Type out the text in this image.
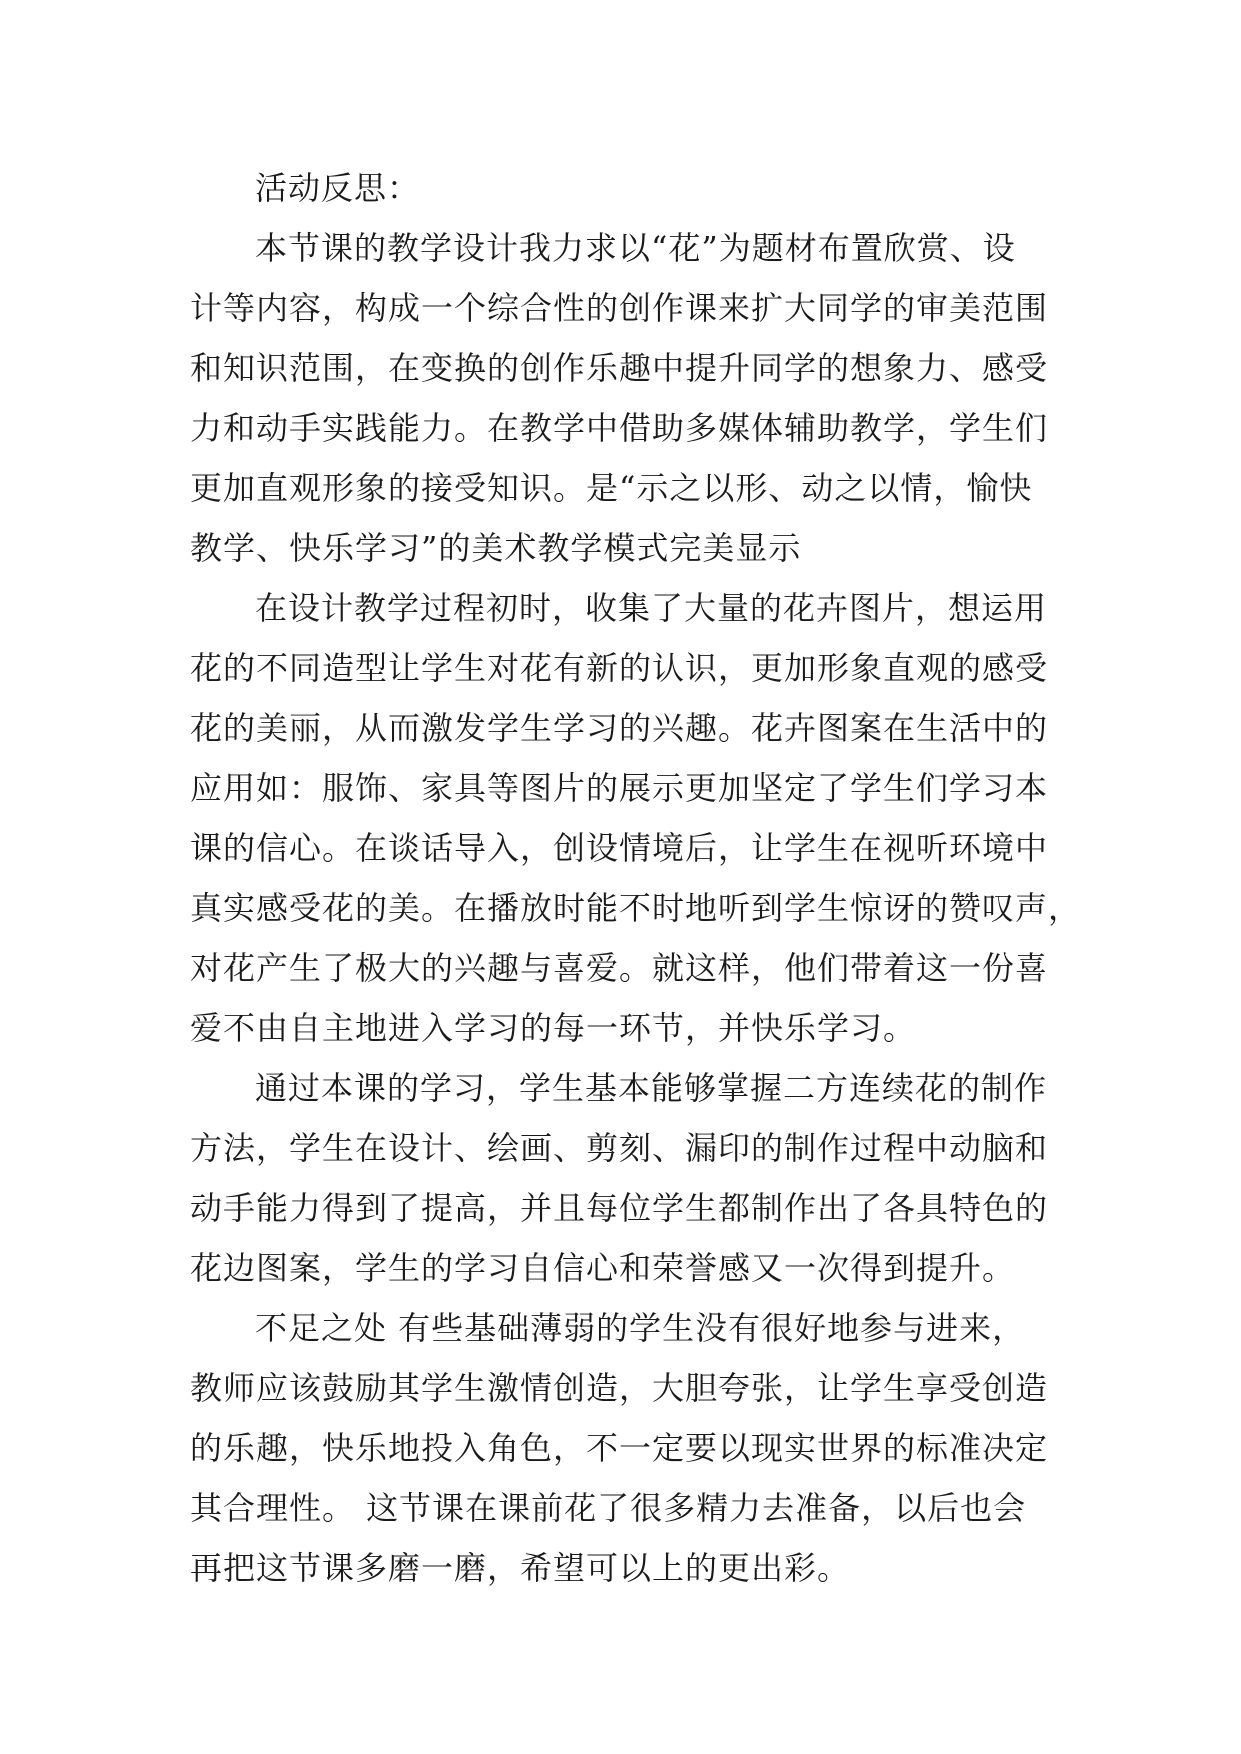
活动反思：
本节课的教学设计我力求以“花”为题材布置欣赏、设
计等内容，构成一个综合性的创作课来扩大同学的审美范围
和知识范围，在变换的创作乐趣中提升同学的想象力、感受
力和动手实践能力。在教学中借助多媒体辅助教学，学生们
更加直观形象的接受知识。是“示之以形、动之以情，愉快
教学、快乐学习”的美术教学模式完美显示
在设计教学过程初时，收集了大量的花卉图片，想运用
花的不同造型让学生对花有新的认识，更加形象直观的感受
花的美丽，从而激发学生学习的兴趣。花卉图案在生活中的
应用如：服饰、家具等图片的展示更加坚定了学生们学习本
课的信心。在谈话导入，创设情境后，让学生在视听环境中
真实感受花的美。在播放时能不时地听到学生惊讶的赞叹声，
对花产生了极大的兴趣与喜爱。就这样，他们带着这一份喜
爱不由自主地进入学习的每一环节，并快乐学习。
通过本课的学习，学生基本能够掌握二方连续花的制作
方法，学生在设计、绘画、剪刻、漏印的制作过程中动脑和
动手能力得到了提高，并且每位学生都制作出了各具特色的
花边图案，学生的学习自信心和荣誉感又一次得到提升。
不足之处 有些基础薄弱的学生没有很好地参与进来，
教师应该鼓励其学生激情创造，大胆夸张，让学生享受创造
的乐趣，快乐地投入角色，不一定要以现实世界的标准决定
其合理性。 这节课在课前花了很多精力去准备，以后也会
再把这节课多磨一磨，希望可以上的更出彩。
